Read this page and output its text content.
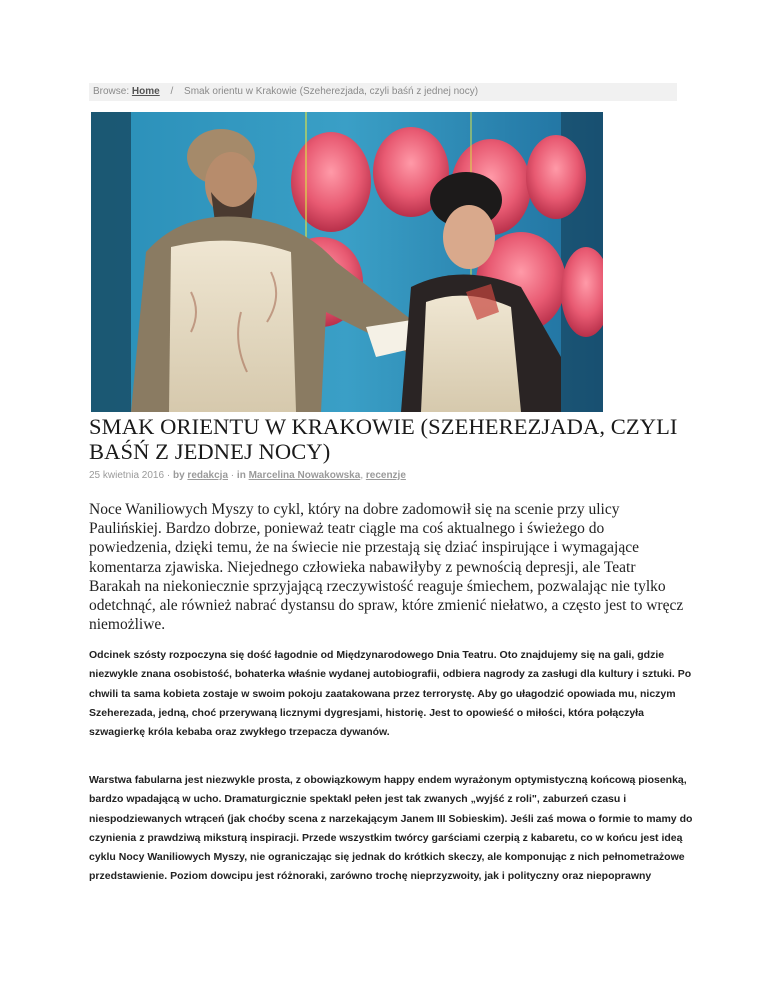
Browse: Home / Smak orientu w Krakowie (Szeherezjada, czyli baśń z jednej nocy)
SMAK ORIENTU W KRAKOWIE (SZEHEREZJADA, CZYLI BAŚŃ Z JEDNEJ NOCY)
25 kwietnia 2016 · by redakcja · in Marcelina Nowakowska, recenzje
Noce Waniliowych Myszy to cykl, który na dobre zadomowił się na scenie przy ulicy Paulińskiej. Bardzo dobrze, ponieważ teatr ciągle ma coś aktualnego i świeżego do powiedzenia, dzięki temu, że na świecie nie przestają się dziać inspirujące i wymagające komentarza zjawiska. Niejednego człowieka nabawiłyby z pewnością depresji, ale Teatr Barakah na niekoniecznie sprzyjającą rzeczywistość reaguje śmiechem, pozwalając nie tylko odetchnąć, ale również nabrać dystansu do spraw, które zmienić niełatwo, a często jest to wręcz niemożliwe.
Odcinek szósty rozpoczyna się dość łagodnie od Międzynarodowego Dnia Teatru. Oto znajdujemy się na gali, gdzie niezwykle znana osobistość, bohaterka właśnie wydanej autobiografii, odbiera nagrody za zasługi dla kultury i sztuki. Po chwili ta sama kobieta zostaje w swoim pokoju zaatakowana przez terrorystę. Aby go ułagodzić opowiada mu, niczym Szeherezada, jedną, choć przerywaną licznymi dygresjami, historię. Jest to opowieść o miłości, która połączyła szwagierkę króla kebaba oraz zwykłego trzepacza dywanów.
Warstwa fabularna jest niezwykle prosta, z obowiązkowym happy endem wyrażonym optymistyczną końcową piosenką, bardzo wpadającą w ucho. Dramaturgicznie spektakl pełen jest tak zwanych „wyjść z roli", zaburzeń czasu i niespodziewanych wtrąceń (jak choćby scena z narzekającym Janem III Sobieskim). Jeśli zaś mowa o formie to mamy do czynienia z prawdziwą miksturą inspiracji. Przede wszystkim twórcy garściami czerpią z kabaretu, co w końcu jest ideą cyklu Nocy Waniliowych Myszy, nie ograniczając się jednak do krótkich skeczy, ale komponując z nich pełnometrażowe przedstawienie. Poziom dowcipu jest różnoraki, zarówno trochę nieprzyzwoity, jak i polityczny oraz niepoprawny
